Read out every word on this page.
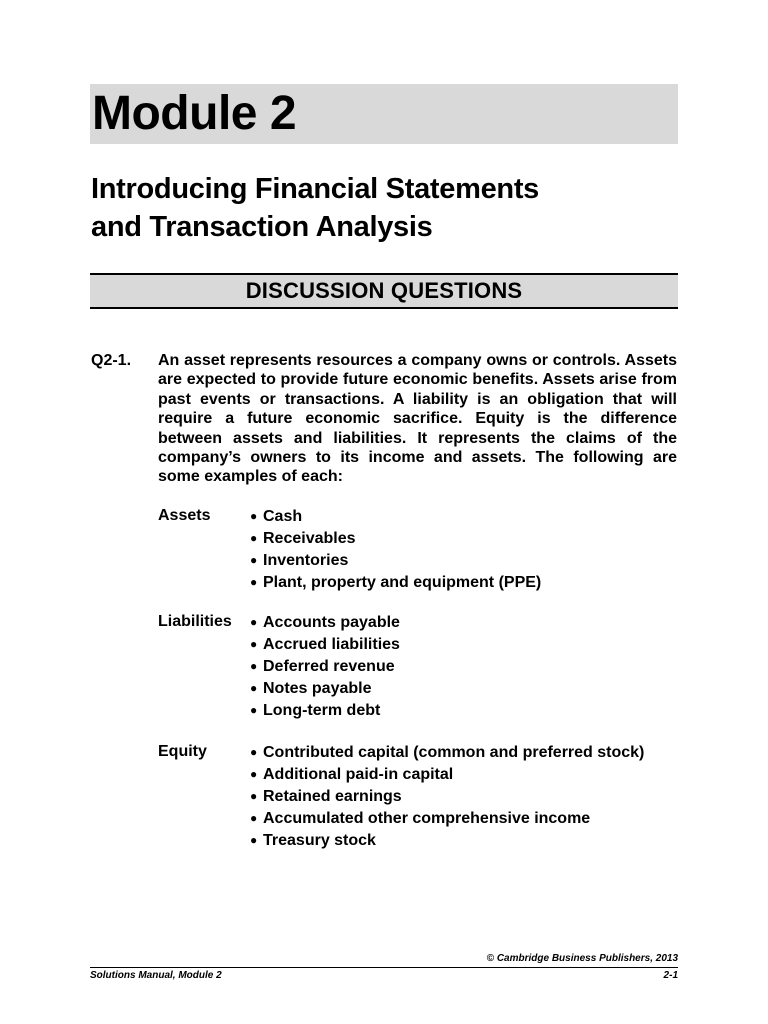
Module 2
Introducing Financial Statements
and Transaction Analysis
DISCUSSION QUESTIONS
Q2-1. An asset represents resources a company owns or controls. Assets are expected to provide future economic benefits. Assets arise from past events or transactions. A liability is an obligation that will require a future economic sacrifice. Equity is the difference between assets and liabilities. It represents the claims of the company’s owners to its income and assets. The following are some examples of each:
Assets	● Cash
● Receivables
● Inventories
● Plant, property and equipment (PPE)
Liabilities ● Accounts payable
● Accrued liabilities
● Deferred revenue
● Notes payable
● Long-term debt
Equity	● Contributed capital (common and preferred stock)
● Additional paid-in capital
● Retained earnings
● Accumulated other comprehensive income
● Treasury stock
© Cambridge Business Publishers, 2013
Solutions Manual, Module 2	2-1
